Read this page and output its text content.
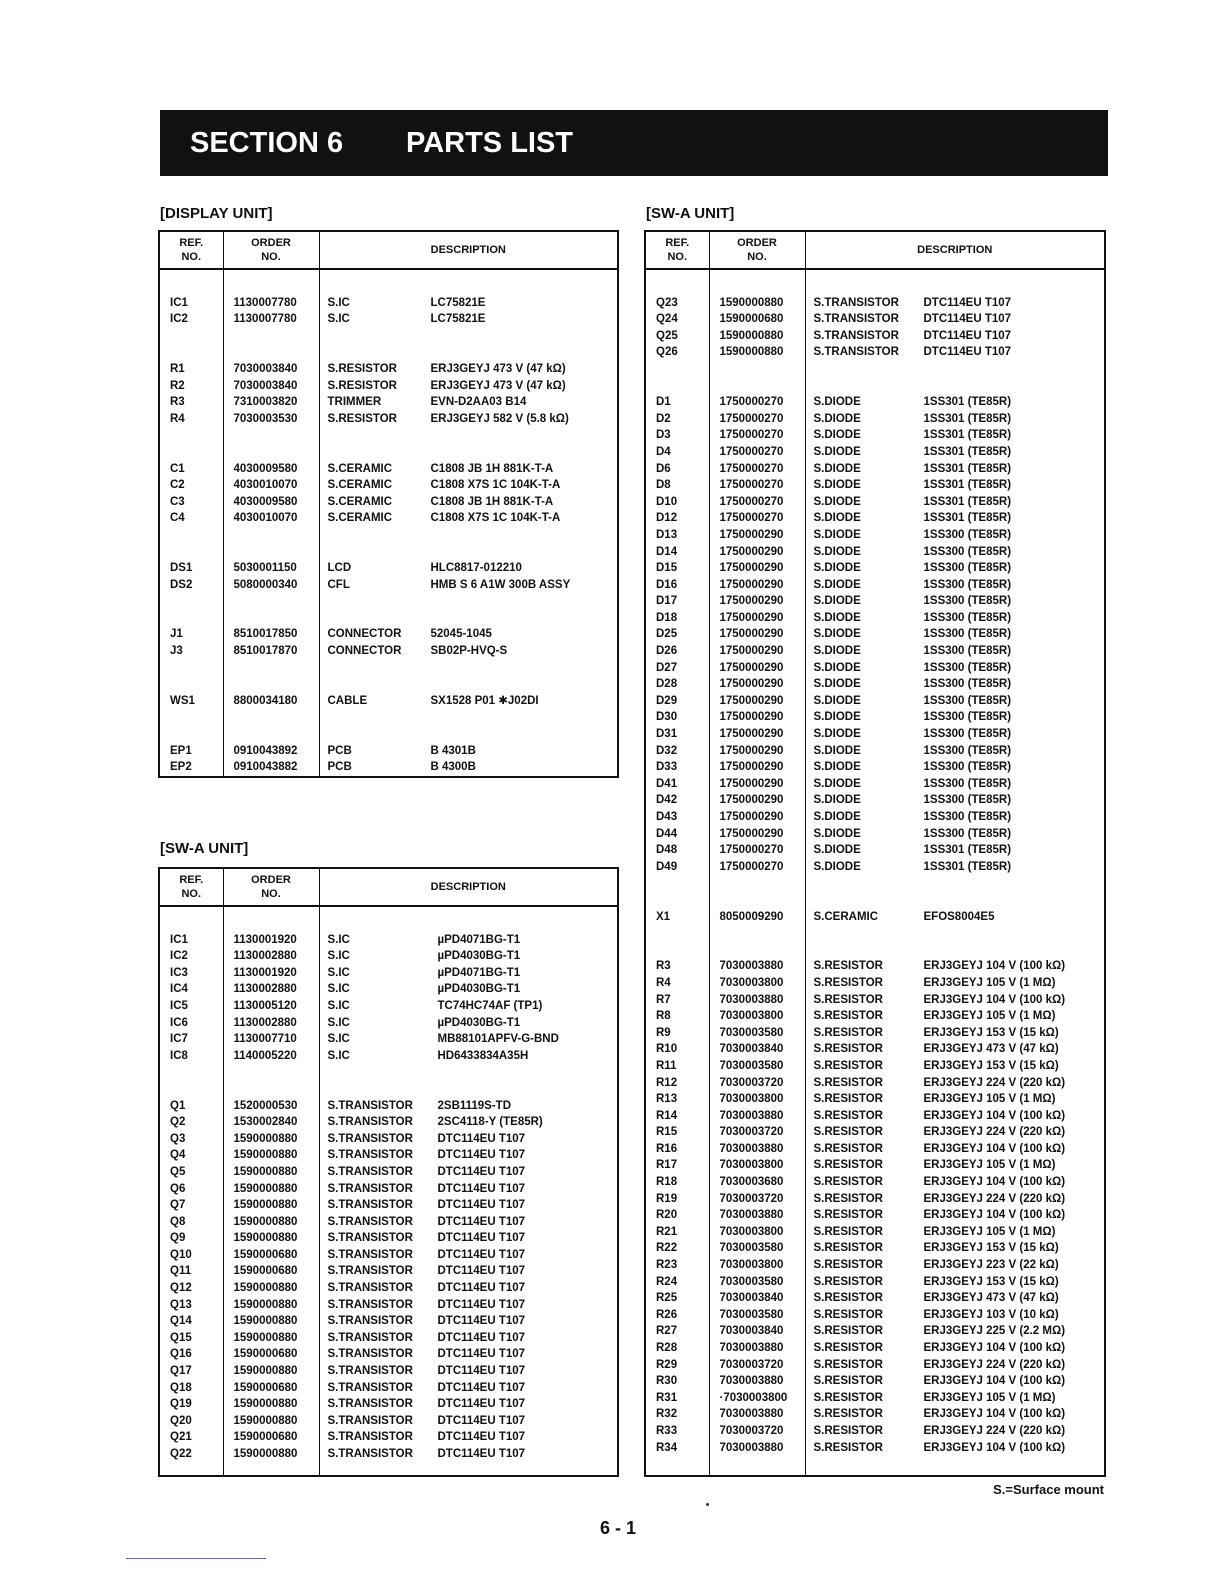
SECTION 6 PARTS LIST
[DISPLAY UNIT]
REF.
NO.	ORDER
NO.	DESCRIPTION

IC1	1130007780	S.IC LC75821E
IC2	1130007780	S.IC LC75821E

R1	7030003840	S.RESISTOR ERJ3GEYJ 473 V (47 kΩ)
R2	7030003840	S.RESISTOR ERJ3GEYJ 473 V (47 kΩ)
R3	7310003820	TRIMMER EVN-D2AA03 B14
R4	7030003530	S.RESISTOR ERJ3GEYJ 582 V (5.8 kΩ)

C1	4030009580	S.CERAMIC C1808 JB 1H 881K-T-A
C2	4030010070	S.CERAMIC C1808 X7S 1C 104K-T-A
C3	4030009580	S.CERAMIC C1808 JB 1H 881K-T-A
C4	4030010070	S.CERAMIC C1808 X7S 1C 104K-T-A

DS1	5030001150	LCD HLC8817-012210
DS2	5080000340	CFL HMB S 6 A1W 300B ASSY

J1	8510017850	CONNECTOR 52045-1045
J3	8510017870	CONNECTOR SB02P-HVQ-S

WS1	8800034180	CABLE SX1528 P01 ✱J02DI

EP1	0910043892	PCB B 4301B
EP2	0910043882	PCB B 4300B

[SW-A UNIT]
REF.
NO.	ORDER
NO.	DESCRIPTION

IC1	1130001920	S.IC µPD4071BG-T1
IC2	1130002880	S.IC µPD4030BG-T1
IC3	1130001920	S.IC µPD4071BG-T1
IC4	1130002880	S.IC µPD4030BG-T1
IC5	1130005120	S.IC TC74HC74AF (TP1)
IC6	1130002880	S.IC µPD4030BG-T1
IC7	1130007710	S.IC MB88101APFV-G-BND
IC8	1140005220	S.IC HD6433834A35H

Q1	1520000530	S.TRANSISTOR 2SB1119S-TD
Q2	1530002840	S.TRANSISTOR 2SC4118-Y (TE85R)
Q3	1590000880	S.TRANSISTOR DTC114EU T107
Q4	1590000880	S.TRANSISTOR DTC114EU T107
Q5	1590000880	S.TRANSISTOR DTC114EU T107
Q6	1590000880	S.TRANSISTOR DTC114EU T107
Q7	1590000880	S.TRANSISTOR DTC114EU T107
Q8	1590000880	S.TRANSISTOR DTC114EU T107
Q9	1590000880	S.TRANSISTOR DTC114EU T107
Q10	1590000680	S.TRANSISTOR DTC114EU T107
Q11	1590000680	S.TRANSISTOR DTC114EU T107
Q12	1590000880	S.TRANSISTOR DTC114EU T107
Q13	1590000880	S.TRANSISTOR DTC114EU T107
Q14	1590000880	S.TRANSISTOR DTC114EU T107
Q15	1590000880	S.TRANSISTOR DTC114EU T107
Q16	1590000680	S.TRANSISTOR DTC114EU T107
Q17	1590000880	S.TRANSISTOR DTC114EU T107
Q18	1590000680	S.TRANSISTOR DTC114EU T107
Q19	1590000880	S.TRANSISTOR DTC114EU T107
Q20	1590000880	S.TRANSISTOR DTC114EU T107
Q21	1590000680	S.TRANSISTOR DTC114EU T107
Q22	1590000880	S.TRANSISTOR DTC114EU T107

[SW-A UNIT]
REF.
NO.	ORDER
NO.	DESCRIPTION

Q23	1590000880	S.TRANSISTOR DTC114EU T107
Q24	1590000680	S.TRANSISTOR DTC114EU T107
Q25	1590000880	S.TRANSISTOR DTC114EU T107
Q26	1590000880	S.TRANSISTOR DTC114EU T107

D1	1750000270	S.DIODE 1SS301 (TE85R)
D2	1750000270	S.DIODE 1SS301 (TE85R)
D3	1750000270	S.DIODE 1SS301 (TE85R)
D4	1750000270	S.DIODE 1SS301 (TE85R)
D6	1750000270	S.DIODE 1SS301 (TE85R)
D8	1750000270	S.DIODE 1SS301 (TE85R)
D10	1750000270	S.DIODE 1SS301 (TE85R)
D12	1750000270	S.DIODE 1SS301 (TE85R)
D13	1750000290	S.DIODE 1SS300 (TE85R)
D14	1750000290	S.DIODE 1SS300 (TE85R)
D15	1750000290	S.DIODE 1SS300 (TE85R)
D16	1750000290	S.DIODE 1SS300 (TE85R)
D17	1750000290	S.DIODE 1SS300 (TE85R)
D18	1750000290	S.DIODE 1SS300 (TE85R)
D25	1750000290	S.DIODE 1SS300 (TE85R)
D26	1750000290	S.DIODE 1SS300 (TE85R)
D27	1750000290	S.DIODE 1SS300 (TE85R)
D28	1750000290	S.DIODE 1SS300 (TE85R)
D29	1750000290	S.DIODE 1SS300 (TE85R)
D30	1750000290	S.DIODE 1SS300 (TE85R)
D31	1750000290	S.DIODE 1SS300 (TE85R)
D32	1750000290	S.DIODE 1SS300 (TE85R)
D33	1750000290	S.DIODE 1SS300 (TE85R)
D41	1750000290	S.DIODE 1SS300 (TE85R)
D42	1750000290	S.DIODE 1SS300 (TE85R)
D43	1750000290	S.DIODE 1SS300 (TE85R)
D44	1750000290	S.DIODE 1SS300 (TE85R)
D48	1750000270	S.DIODE 1SS301 (TE85R)
D49	1750000270	S.DIODE 1SS301 (TE85R)

X1	8050009290	S.CERAMIC EFOS8004E5

R3	7030003880	S.RESISTOR ERJ3GEYJ 104 V (100 kΩ)
R4	7030003800	S.RESISTOR ERJ3GEYJ 105 V (1 MΩ)
R7	7030003880	S.RESISTOR ERJ3GEYJ 104 V (100 kΩ)
R8	7030003800	S.RESISTOR ERJ3GEYJ 105 V (1 MΩ)
R9	7030003580	S.RESISTOR ERJ3GEYJ 153 V (15 kΩ)
R10	7030003840	S.RESISTOR ERJ3GEYJ 473 V (47 kΩ)
R11	7030003580	S.RESISTOR ERJ3GEYJ 153 V (15 kΩ)
R12	7030003720	S.RESISTOR ERJ3GEYJ 224 V (220 kΩ)
R13	7030003800	S.RESISTOR ERJ3GEYJ 105 V (1 MΩ)
R14	7030003880	S.RESISTOR ERJ3GEYJ 104 V (100 kΩ)
R15	7030003720	S.RESISTOR ERJ3GEYJ 224 V (220 kΩ)
R16	7030003880	S.RESISTOR ERJ3GEYJ 104 V (100 kΩ)
R17	7030003800	S.RESISTOR ERJ3GEYJ 105 V (1 MΩ)
R18	7030003680	S.RESISTOR ERJ3GEYJ 104 V (100 kΩ)
R19	7030003720	S.RESISTOR ERJ3GEYJ 224 V (220 kΩ)
R20	7030003880	S.RESISTOR ERJ3GEYJ 104 V (100 kΩ)
R21	7030003800	S.RESISTOR ERJ3GEYJ 105 V (1 MΩ)
R22	7030003580	S.RESISTOR ERJ3GEYJ 153 V (15 kΩ)
R23	7030003800	S.RESISTOR ERJ3GEYJ 223 V (22 kΩ)
R24	7030003580	S.RESISTOR ERJ3GEYJ 153 V (15 kΩ)
R25	7030003840	S.RESISTOR ERJ3GEYJ 473 V (47 kΩ)
R26	7030003580	S.RESISTOR ERJ3GEYJ 103 V (10 kΩ)
R27	7030003840	S.RESISTOR ERJ3GEYJ 225 V (2.2 MΩ)
R28	7030003880	S.RESISTOR ERJ3GEYJ 104 V (100 kΩ)
R29	7030003720	S.RESISTOR ERJ3GEYJ 224 V (220 kΩ)
R30	7030003880	S.RESISTOR ERJ3GEYJ 104 V (100 kΩ)
R31	·7030003800	S.RESISTOR ERJ3GEYJ 105 V (1 MΩ)
R32	7030003880	S.RESISTOR ERJ3GEYJ 104 V (100 kΩ)
R33	7030003720	S.RESISTOR ERJ3GEYJ 224 V (220 kΩ)
R34	7030003880	S.RESISTOR ERJ3GEYJ 104 V (100 kΩ)

S.=Surface mount
6 - 1
